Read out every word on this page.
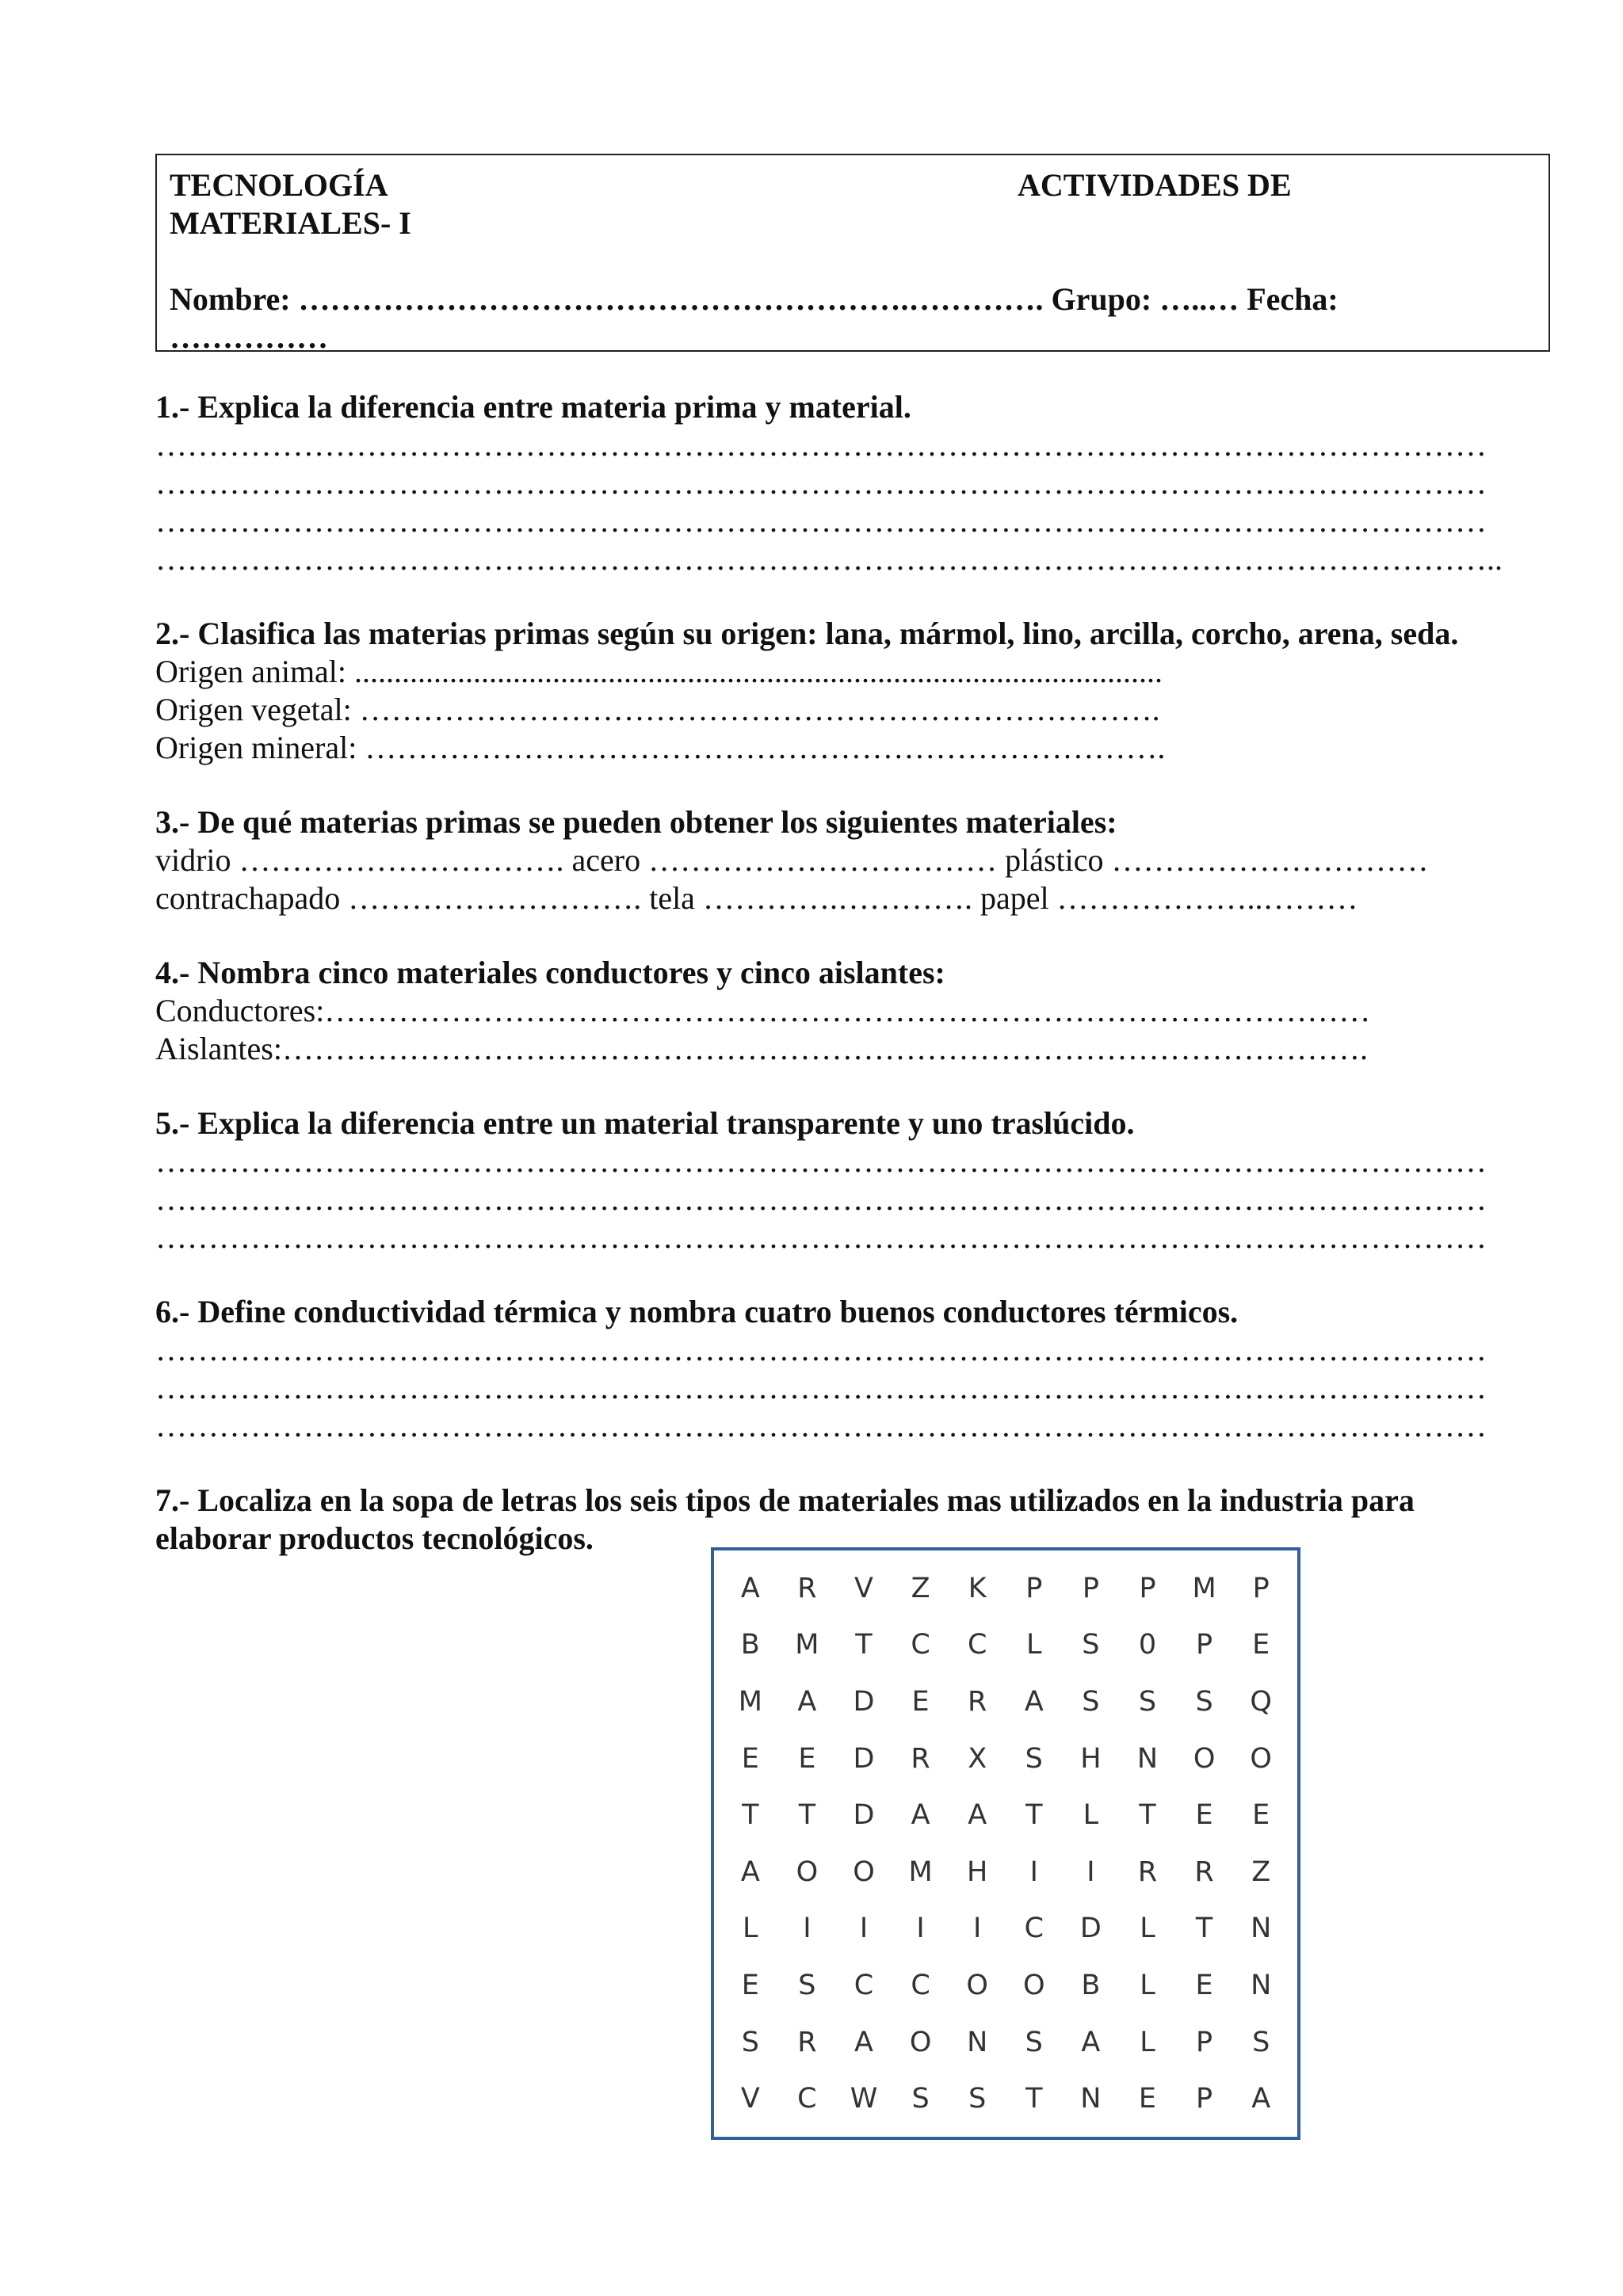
TECNOLOGÍA	ACTIVIDADES DE
MATERIALES- I
Nombre: ………………………………………………….…………. Grupo: …..… Fecha:
……………
1.- Explica la diferencia entre materia prima y material.
………………………………………………………………………………………………………………
………………………………………………………………………………………………………………
………………………………………………………………………………………………………………
………………………………………………………………………………………………………………..
2.- Clasifica las materias primas según su origen: lana, mármol, lino, arcilla, corcho, arena, seda.
Origen animal: ......................................................................................................
Origen vegetal: ………………………………………………………………….
Origen mineral: ………………………………………………………………….
3.- De qué materias primas se pueden obtener los siguientes materiales:
vidrio …………………………. acero …………………………… plástico …………………………
contrachapado ………………………. tela ………….…………. papel ………………..………
4.- Nombra cinco materiales conductores y cinco aislantes:
Conductores:………………………………………………………………………………………
Aislantes:………………………………………………………………………………………….
5.- Explica la diferencia entre un material transparente y uno traslúcido.
………………………………………………………………………………………………………………
………………………………………………………………………………………………………………
………………………………………………………………………………………………………………
6.- Define conductividad térmica y nombra cuatro buenos conductores térmicos.
………………………………………………………………………………………………………………
………………………………………………………………………………………………………………
………………………………………………………………………………………………………………
7.- Localiza en la sopa de letras los seis tipos de materiales mas utilizados en la industria para
elaborar productos tecnológicos.
A	R	V	Z	K	P	P	P	M	P
B	M	T	C	C	L	S	0	P	E
M	A	D	E	R	A	S	S	S	Q
E	E	D	R	X	S	H	N	O	O
T	T	D	A	A	T	L	T	E	E
A	O	O	M	H	I	I	R	R	Z
L	I	I	I	I	C	D	L	T	N
E	S	C	C	O	O	B	L	E	N
S	R	A	O	N	S	A	L	P	S
V	C	W	S	S	T	N	E	P	A
